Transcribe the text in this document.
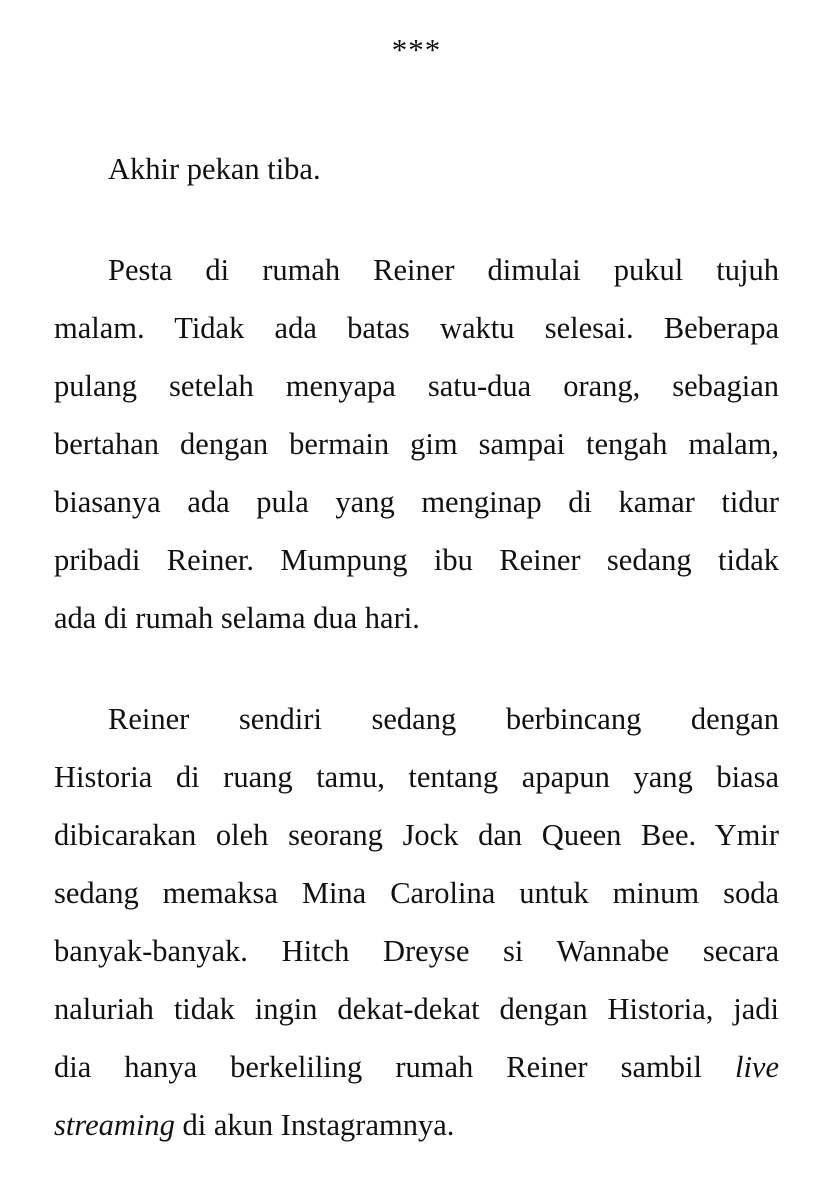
***
Akhir pekan tiba.
Pesta di rumah Reiner dimulai pukul tujuh
malam. Tidak ada batas waktu selesai. Beberapa
pulang setelah menyapa satu-dua orang, sebagian
bertahan dengan bermain gim sampai tengah malam,
biasanya ada pula yang menginap di kamar tidur
pribadi Reiner. Mumpung ibu Reiner sedang tidak
ada di rumah selama dua hari.
Reiner sendiri sedang berbincang dengan
Historia di ruang tamu, tentang apapun yang biasa
dibicarakan oleh seorang Jock dan Queen Bee. Ymir
sedang memaksa Mina Carolina untuk minum soda
banyak-banyak. Hitch Dreyse si Wannabe secara
naluriah tidak ingin dekat-dekat dengan Historia, jadi
dia hanya berkeliling rumah Reiner sambil live
streaming di akun Instagramnya.
